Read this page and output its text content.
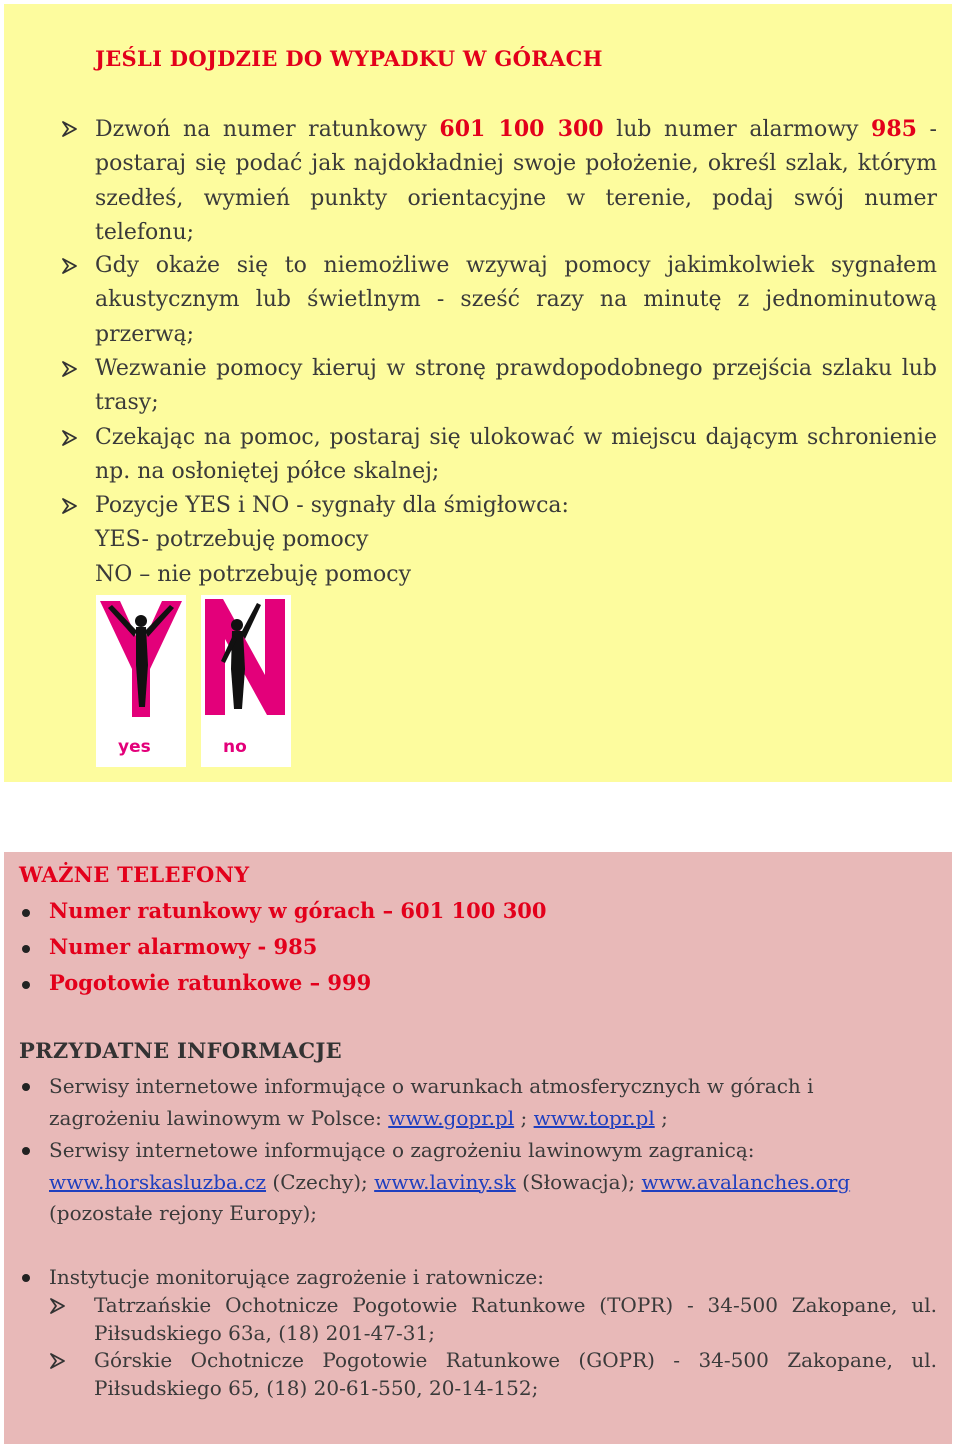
JEŚLI DOJDZIE DO WYPADKU W GÓRACH
Dzwoń na numer ratunkowy 601 100 300 lub numer alarmowy 985 - postaraj się podać jak najdokładniej swoje położenie, określ szlak, którym szedłeś, wymień punkty orientacyjne w terenie, podaj swój numer telefonu;
Gdy okaże się to niemożliwe wzywaj pomocy jakimkolwiek sygnałem akustycznym lub świetlnym - sześć razy na minutę z jednominutową przerwą;
Wezwanie pomocy kieruj w stronę prawdopodobnego przejścia szlaku lub trasy;
Czekając na pomoc, postaraj się ulokować w miejscu dającym schronienie np. na osłoniętej półce skalnej;
Pozycje YES i NO - sygnały dla śmigłowca:
YES- potrzebuję pomocy
NO – nie potrzebuję pomocy
yes	no
WAŻNE TELEFONY
Numer ratunkowy w górach – 601 100 300
Numer alarmowy - 985
Pogotowie ratunkowe – 999
PRZYDATNE INFORMACJE
Serwisy internetowe informujące o warunkach atmosferycznych w górach i zagrożeniu lawinowym w Polsce: www.gopr.pl ; www.topr.pl ;
Serwisy internetowe informujące o zagrożeniu lawinowym zagranicą: www.horskasluzba.cz (Czechy); www.laviny.sk (Słowacja); www.avalanches.org (pozostałe rejony Europy);
Instytucje monitorujące zagrożenie i ratownicze:
Tatrzańskie Ochotnicze Pogotowie Ratunkowe (TOPR) - 34-500 Zakopane, ul. Piłsudskiego 63a, (18) 201-47-31;
Górskie Ochotnicze Pogotowie Ratunkowe (GOPR) - 34-500 Zakopane, ul. Piłsudskiego 65, (18) 20-61-550, 20-14-152;
